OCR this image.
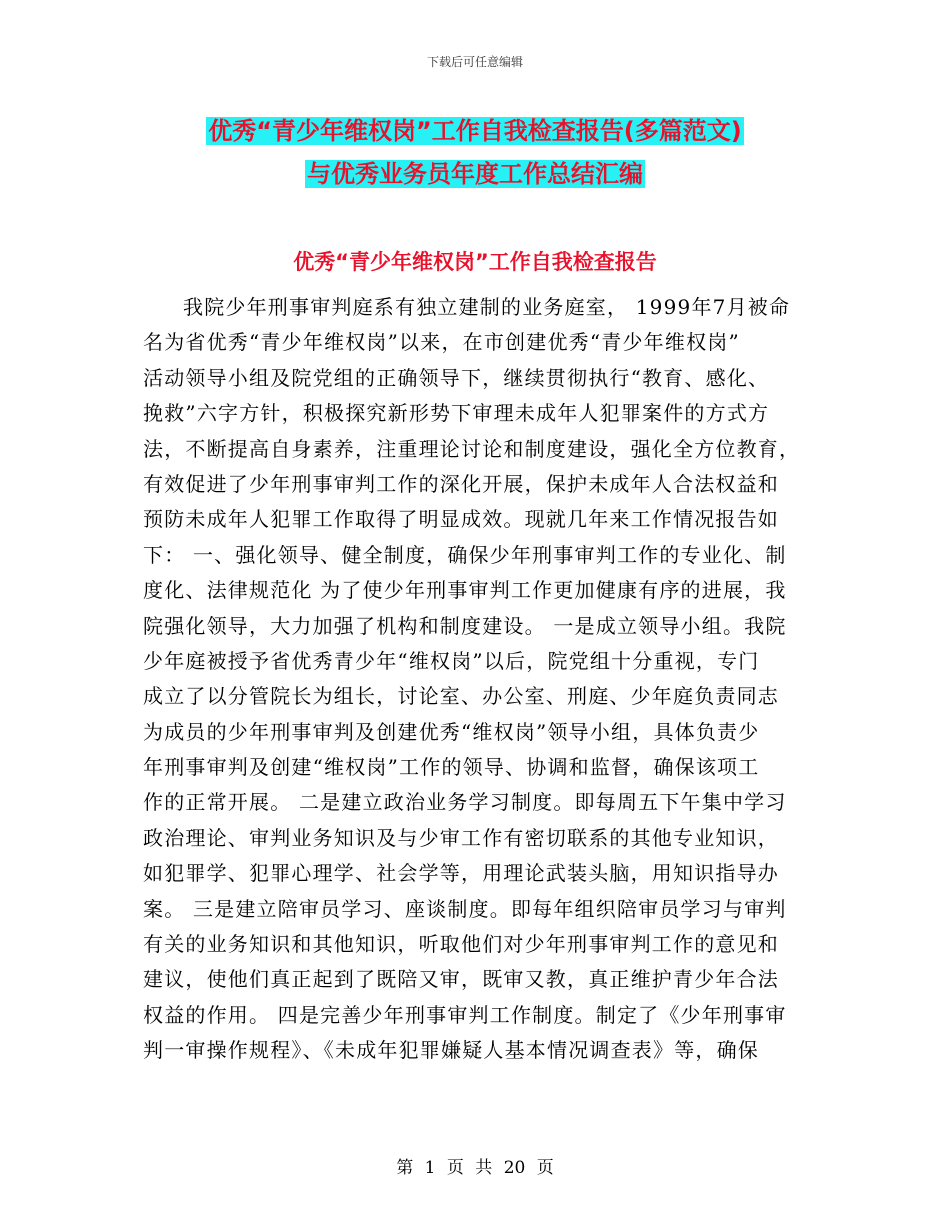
下载后可任意编辑
优秀“青少年维权岗”工作自我检查报告(多篇范文)
与优秀业务员年度工作总结汇编
优秀“青少年维权岗”工作自我检查报告
我院少年刑事审判庭系有独立建制的业务庭室， 1999年7月被命
名为省优秀“青少年维权岗”以来，在市创建优秀“青少年维权岗”
活动领导小组及院党组的正确领导下，继续贯彻执行“教育、感化、
挽救”六字方针，积极探究新形势下审理未成年人犯罪案件的方式方
法，不断提高自身素养，注重理论讨论和制度建设，强化全方位教育，
有效促进了少年刑事审判工作的深化开展，保护未成年人合法权益和
预防未成年人犯罪工作取得了明显成效。现就几年来工作情况报告如
下： 一、强化领导、健全制度，确保少年刑事审判工作的专业化、制
度化、法律规范化 为了使少年刑事审判工作更加健康有序的进展，我
院强化领导，大力加强了机构和制度建设。 一是成立领导小组。我院
少年庭被授予省优秀青少年“维权岗”以后，院党组十分重视，专门
成立了以分管院长为组长，讨论室、办公室、刑庭、少年庭负责同志
为成员的少年刑事审判及创建优秀“维权岗”领导小组，具体负责少
年刑事审判及创建“维权岗”工作的领导、协调和监督，确保该项工
作的正常开展。 二是建立政治业务学习制度。即每周五下午集中学习
政治理论、审判业务知识及与少审工作有密切联系的其他专业知识，
如犯罪学、犯罪心理学、社会学等，用理论武装头脑，用知识指导办
案。 三是建立陪审员学习、座谈制度。即每年组织陪审员学习与审判
有关的业务知识和其他知识，听取他们对少年刑事审判工作的意见和
建议，使他们真正起到了既陪又审，既审又教，真正维护青少年合法
权益的作用。 四是完善少年刑事审判工作制度。制定了《少年刑事审
判一审操作规程》、《未成年犯罪嫌疑人基本情况调查表》等，确保
第 1 页 共 20 页
